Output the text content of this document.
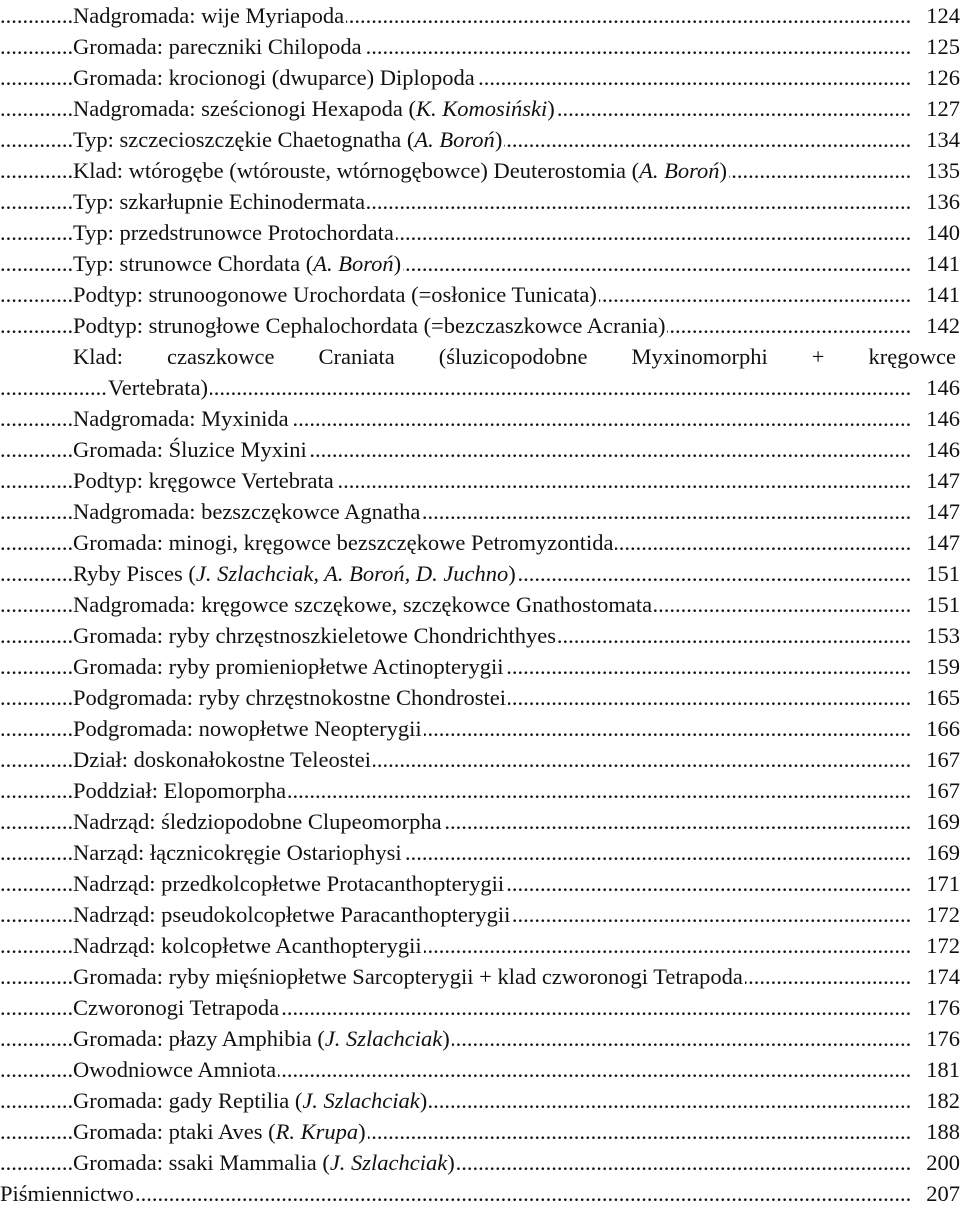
.....
Nadgromada: wije Myriapoda	124
.....
Gromada: pareczniki Chilopoda	125
.....
Gromada: krocionogi (dwuparce) Diplopoda	126
.....
Nadgromada: sześcionogi Hexapoda (K. Komosiński)	127
.....
Typ: szczecioszczękie Chaetognatha (A. Boroń)	134
.....
Klad: wtórogębe (wtórouste, wtórnogębowce) Deuterostomia (A. Boroń)	135
.....
Typ: szkarłupnie Echinodermata	136
.....
Typ: przedstrunowce Protochordata	140
.....
Typ: strunowce Chordata (A. Boroń)	141
.....
Podtyp: strunoogonowe Urochordata (=osłonice Tunicata)	141
.....
Podtyp: strunogłowe Cephalochordata (=bezczaszkowce Acrania)	142
Klad: czaszkowce Craniata (śluzicopodobne Myxinomorphi + kręgowce
.....
Vertebrata)	146
.....
Nadgromada: Myxinida	146
.....
Gromada: Śluzice Myxini	146
.....
Podtyp: kręgowce Vertebrata	147
.....
Nadgromada: bezszczękowce Agnatha	147
.....
Gromada: minogi, kręgowce bezszczękowe Petromyzontida	147
.....
Ryby Pisces (J. Szlachciak, A. Boroń, D. Juchno)	151
.....
Nadgromada: kręgowce szczękowe, szczękowce Gnathostomata	151
.....
Gromada: ryby chrzęstnoszkieletowe Chondrichthyes	153
.....
Gromada: ryby promieniopłetwe Actinopterygii	159
.....
Podgromada: ryby chrzęstnokostne Chondrostei	165
.....
Podgromada: nowopłetwe Neopterygii	166
.....
Dział: doskonałokostne Teleostei	167
.....
Poddział: Elopomorpha	167
.....
Nadrząd: śledziopodobne Clupeomorpha	169
.....
Narząd: łącznicokręgie Ostariophysi	169
.....
Nadrząd: przedkolcopłetwe Protacanthopterygii	171
.....
Nadrząd: pseudokolcopłetwe Paracanthopterygii	172
.....
Nadrząd: kolcopłetwe Acanthopterygii	172
.....
Gromada: ryby mięśniopłetwe Sarcopterygii + klad czworonogi Tetrapoda	174
.....
Czworonogi Tetrapoda	176
.....
Gromada: płazy Amphibia (J. Szlachciak)	176
.....
Owodniowce Amniota	181
.....
Gromada: gady Reptilia (J. Szlachciak)	182
.....
Gromada: ptaki Aves (R. Krupa)	188
.....
Gromada: ssaki Mammalia (J. Szlachciak)	200
.....
Piśmiennictwo	207
